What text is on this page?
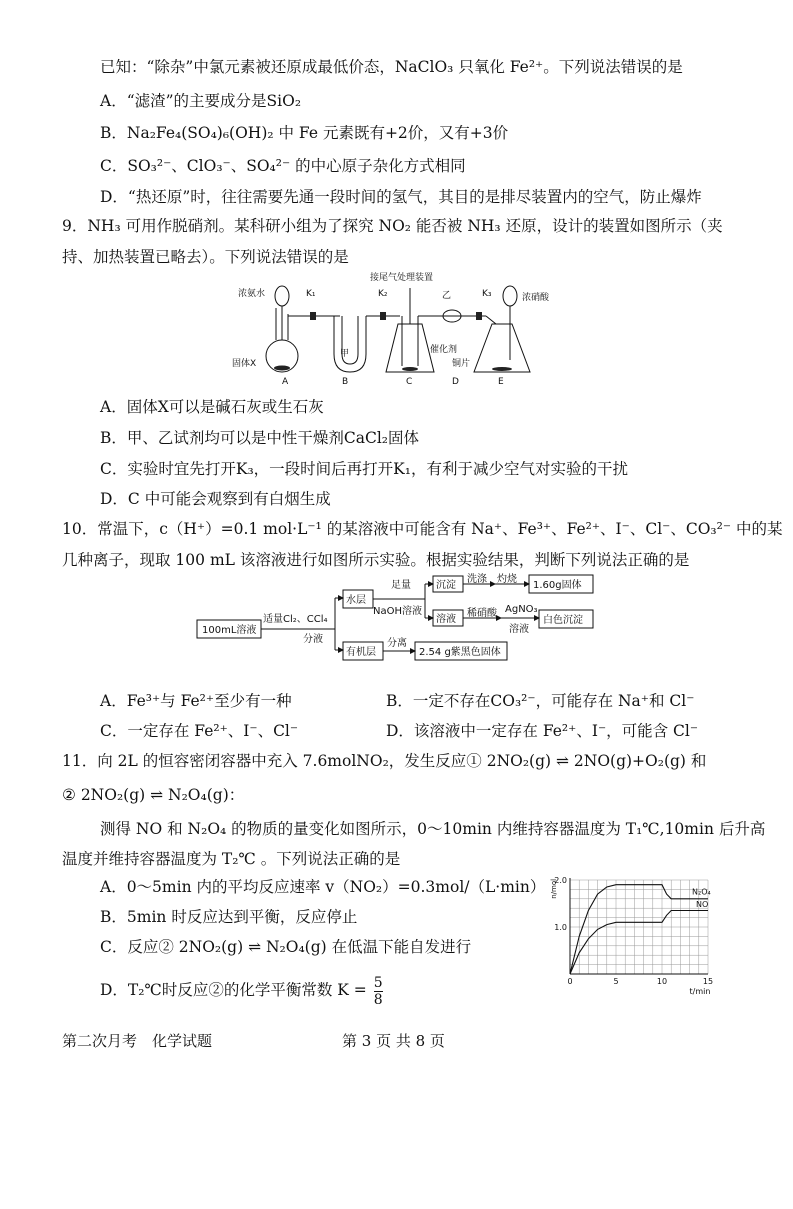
已知：“除杂”中氯元素被还原成最低价态，NaClO₃ 只氧化 Fe²⁺。下列说法错误的是
A．“滤渣”的主要成分是SiO₂
B．Na₂Fe₄(SO₄)₆(OH)₂ 中 Fe 元素既有+2价，又有+3价
C．SO₃²⁻、ClO₃⁻、SO₄²⁻ 的中心原子杂化方式相同
D．“热还原”时，往往需要先通一段时间的氢气，其目的是排尽装置内的空气，防止爆炸
9．NH₃ 可用作脱硝剂。某科研小组为了探究 NO₂ 能否被 NH₃ 还原，设计的装置如图所示（夹
持、加热装置已略去）。下列说法错误的是
浓氨水
固体X
K₁	K₂
接尾气处理装置
乙	K₃	浓硝酸
甲	催化剂
铜片
A	B	C	D	E
A．固体X可以是碱石灰或生石灰
B．甲、乙试剂均可以是中性干燥剂CaCl₂固体
C．实验时宜先打开K₃，一段时间后再打开K₁，有利于减少空气对实验的干扰
D．C 中可能会观察到有白烟生成
10．常温下，c（H⁺）=0.1 mol·L⁻¹ 的某溶液中可能含有 Na⁺、Fe³⁺、Fe²⁺、I⁻、Cl⁻、CO₃²⁻ 中的某
几种离子，现取 100 mL 该溶液进行如图所示实验。根据实验结果，判断下列说法正确的是
100mL溶液
适量Cl₂、CCl₄
分液
水层
足量
NaOH溶液
沉淀
洗涤 灼烧
1.60g固体
溶液
稀硝酸 AgNO₃
溶液
白色沉淀
有机层
分离
2.54 g紫黑色固体
A．Fe³⁺与 Fe²⁺至少有一种	B．一定不存在CO₃²⁻，可能存在 Na⁺和 Cl⁻
C．一定存在 Fe²⁺、I⁻、Cl⁻	D．该溶液中一定存在 Fe²⁺、I⁻，可能含 Cl⁻
11．向 2L 的恒容密闭容器中充入 7.6molNO₂，发生反应① 2NO₂(g) ⇌ 2NO(g)+O₂(g) 和
② 2NO₂(g) ⇌ N₂O₄(g)：
测得 NO 和 N₂O₄ 的物质的量变化如图所示，0～10min 内维持容器温度为 T₁℃,10min 后升高
温度并维持容器温度为 T₂℃ 。下列说法正确的是
A．0～5min 内的平均反应速率 v（NO₂）=0.3mol/（L·min）
B．5min 时反应达到平衡，反应停止
C．反应② 2NO₂(g) ⇌ N₂O₄(g) 在低温下能自发进行
D．T₂℃时反应②的化学平衡常数 $K = \frac{5}{8}$	0	5	10	15
1.0
2.0
t/min
n/mol	N₂O₄
NO
第二次月考　化学试题	第 3 页 共 8 页
